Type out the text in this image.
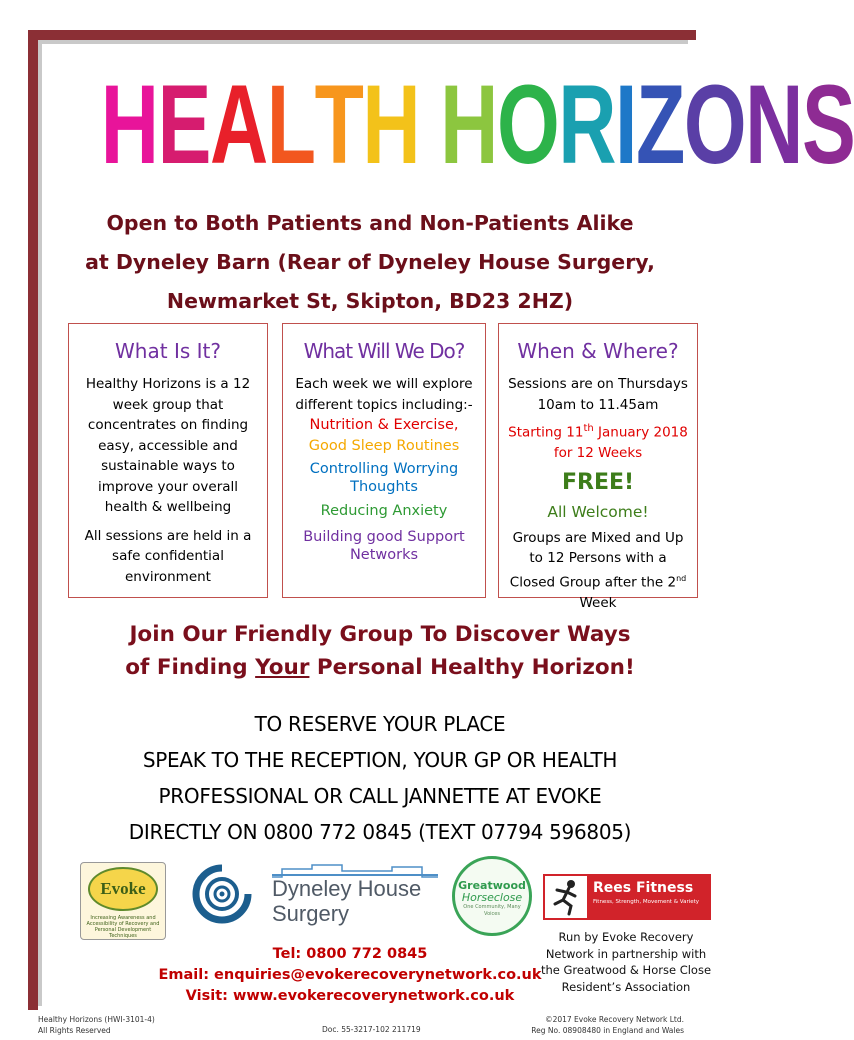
HEALTH HORIZONS
Open to Both Patients and Non-Patients Alike
at Dyneley Barn (Rear of Dyneley House Surgery,
Newmarket St, Skipton, BD23 2HZ)
What Is It?

Healthy Horizons is a 12 week group that concentrates on finding easy, accessible and sustainable ways to improve your overall health & wellbeing

All sessions are held in a safe confidential environment

What Will We Do?

Each week we will explore different topics including:-

Nutrition & Exercise,

Good Sleep Routines

Controlling Worrying Thoughts

Reducing Anxiety

Building good Support Networks

When & Where?

Sessions are on Thursdays 10am to 11.45am

Starting 11th January 2018 for 12 Weeks

FREE!
All Welcome!

Groups are Mixed and Up to 12 Persons with a Closed Group after the 2nd Week

Join Our Friendly Group To Discover Ways
of Finding Your Personal Healthy Horizon!
TO RESERVE YOUR PLACE
SPEAK TO THE RECEPTION, YOUR GP OR HEALTH
PROFESSIONAL OR CALL JANNETTE AT EVOKE
DIRECTLY ON 0800 772 0845 (TEXT 07794 596805)
Evoke
Increasing Awareness and Accessibility of Recovery and Personal Development Techniques
Dyneley House
Surgery
Greatwood
Horseclose
One Community, Many Voices
Rees Fitness
Fitness, Strength, Movement & Variety
Run by Evoke Recovery Network in partnership with the Greatwood & Horse Close Resident’s Association
Tel: 0800 772 0845
Email: enquiries@evokerecoverynetwork.co.uk
Visit: www.evokerecoverynetwork.co.uk
Healthy Horizons (HWI-3101-4)
All Rights Reserved	Doc. 55-3217-102 211719
©2017 Evoke Recovery Network Ltd.
Reg No. 08908480 in England and Wales
